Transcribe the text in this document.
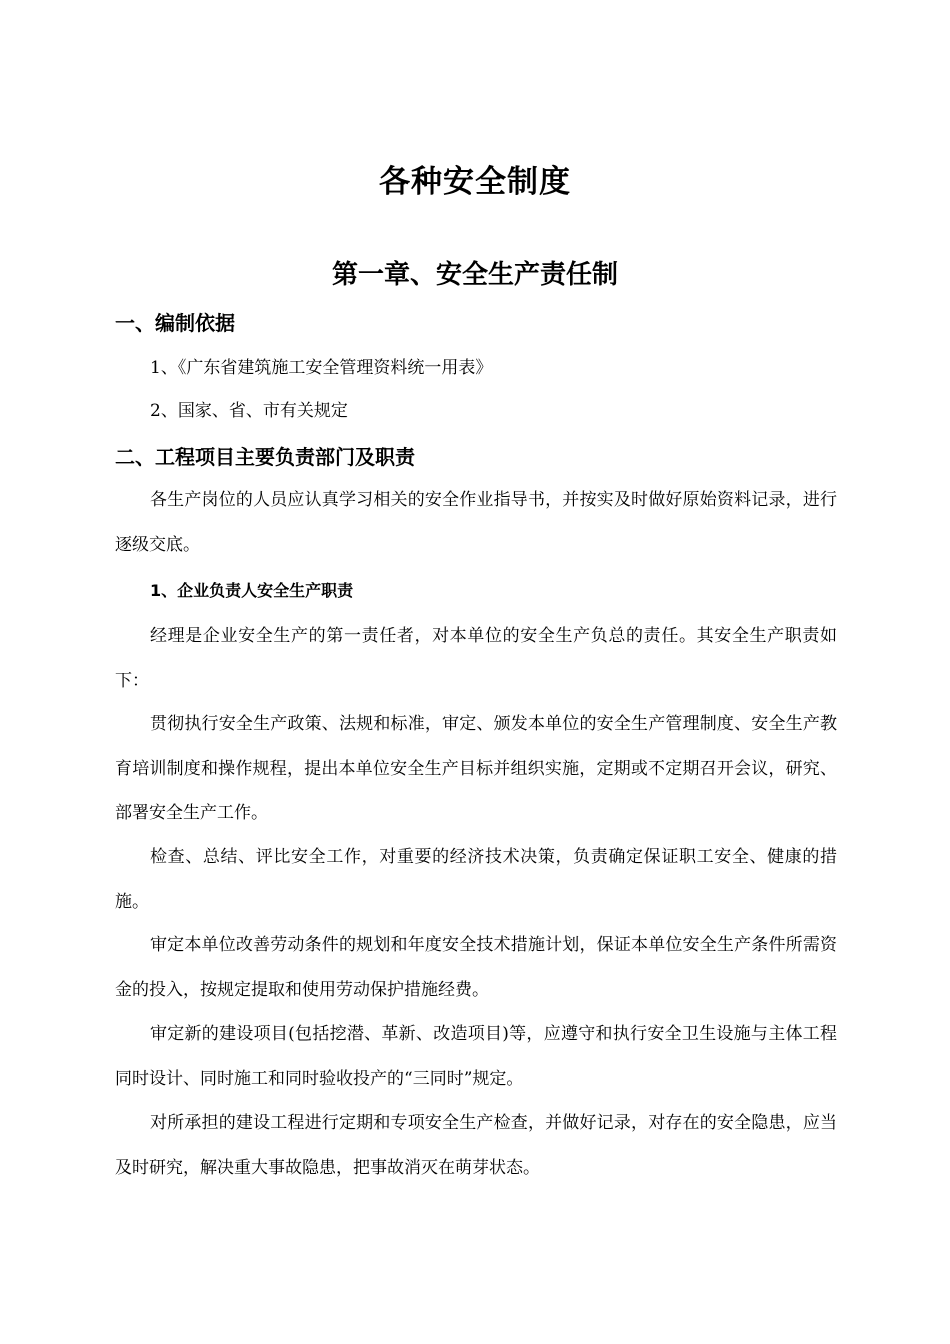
各种安全制度
第一章、安全生产责任制
一、编制依据
1、《广东省建筑施工安全管理资料统一用表》
2、国家、省、市有关规定
二、工程项目主要负责部门及职责
各生产岗位的人员应认真学习相关的安全作业指导书，并按实及时做好原始资料记录，进行逐级交底。
1、企业负责人安全生产职责
经理是企业安全生产的第一责任者，对本单位的安全生产负总的责任。其安全生产职责如下：
贯彻执行安全生产政策、法规和标准，审定、颁发本单位的安全生产管理制度、安全生产教育培训制度和操作规程，提出本单位安全生产目标并组织实施，定期或不定期召开会议，研究、部署安全生产工作。
检查、总结、评比安全工作，对重要的经济技术决策，负责确定保证职工安全、健康的措施。
审定本单位改善劳动条件的规划和年度安全技术措施计划，保证本单位安全生产条件所需资金的投入，按规定提取和使用劳动保护措施经费。
审定新的建设项目(包括挖潜、革新、改造项目)等，应遵守和执行安全卫生设施与主体工程同时设计、同时施工和同时验收投产的“三同时”规定。
对所承担的建设工程进行定期和专项安全生产检查，并做好记录，对存在的安全隐患，应当及时研究，解决重大事故隐患，把事故消灭在萌芽状态。
